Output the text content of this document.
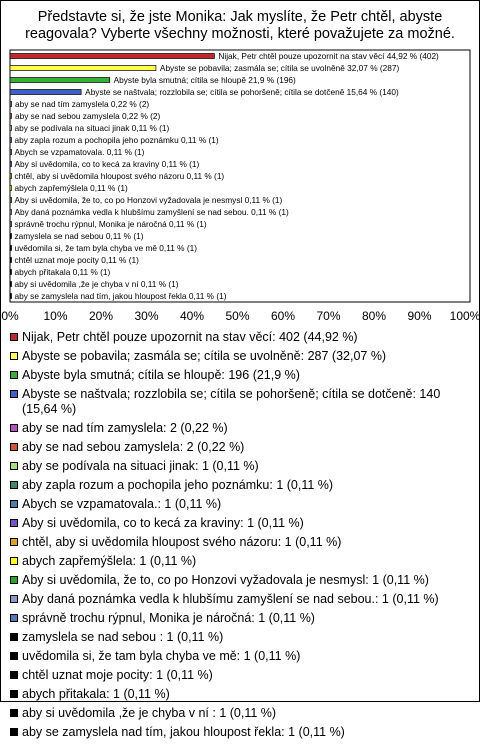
Představte si, že jste Monika: Jak myslíte, že Petr chtěl, abyste reagovala? Vyberte všechny možnosti, které považujete za možné.
Nijak, Petr chtěl pouze upozornit na stav věcí 44,92 % (402)
Abyste se pobavila; zasmála se; cítila se uvolněně 32,07 % (287)
Abyste byla smutná; cítila se hloupě 21,9 % (196)
Abyste se naštvala; rozzlobila se; cítila se pohoršeně; cítila se dotčeně 15,64 % (140)
aby se nad tím zamyslela 0,22 % (2)
aby se nad sebou zamyslela 0,22 % (2)
aby se podívala na situaci jinak 0,11 % (1)
aby zapla rozum a pochopila jeho poznámku 0,11 % (1)
Abych se vzpamatovala. 0,11 % (1)
Aby si uvědomila, co to kecá za kraviny 0,11 % (1)
chtěl, aby si uvědomila hloupost svého názoru 0,11 % (1)
abych zapřemýšlela 0,11 % (1)
Aby si uvědomila, že to, co po Honzovi vyžadovala je nesmysl 0,11 % (1)
Aby daná poznámka vedla k hlubšímu zamyšlení se nad sebou. 0,11 % (1)
správně trochu rýpnul, Monika je náročná 0,11 % (1)
zamyslela se nad sebou 0,11 % (1)
uvědomila si, že tam byla chyba ve mě 0,11 % (1)
chtěl uznat moje pocity 0,11 % (1)
abych přitakala 0,11 % (1)
aby si uvědomila ,že je chyba v ní 0,11 % (1)
aby se zamyslela nad tím, jakou hloupost řekla 0,11 % (1)
0% 10% 20% 30% 40% 50% 60% 70% 80% 90% 100%
Nijak, Petr chtěl pouze upozornit na stav věcí: 402 (44,92 %)
Abyste se pobavila; zasmála se; cítila se uvolněně: 287 (32,07 %)
Abyste byla smutná; cítila se hloupě: 196 (21,9 %)
Abyste se naštvala; rozzlobila se; cítila se pohoršeně; cítila se dotčeně: 140 (15,64 %)
aby se nad tím zamyslela: 2 (0,22 %)
aby se nad sebou zamyslela: 2 (0,22 %)
aby se podívala na situaci jinak: 1 (0,11 %)
aby zapla rozum a pochopila jeho poznámku: 1 (0,11 %)
Abych se vzpamatovala.: 1 (0,11 %)
Aby si uvědomila, co to kecá za kraviny: 1 (0,11 %)
chtěl, aby si uvědomila hloupost svého názoru: 1 (0,11 %)
abych zapřemýšlela: 1 (0,11 %)
Aby si uvědomila, že to, co po Honzovi vyžadovala je nesmysl: 1 (0,11 %)
Aby daná poznámka vedla k hlubšímu zamyšlení se nad sebou.: 1 (0,11 %)
správně trochu rýpnul, Monika je náročná: 1 (0,11 %)
zamyslela se nad sebou : 1 (0,11 %)
uvědomila si, že tam byla chyba ve mě: 1 (0,11 %)
chtěl uznat moje pocity: 1 (0,11 %)
abych přitakala: 1 (0,11 %)
aby si uvědomila ,že je chyba v ní : 1 (0,11 %)
aby se zamyslela nad tím, jakou hloupost řekla: 1 (0,11 %)
